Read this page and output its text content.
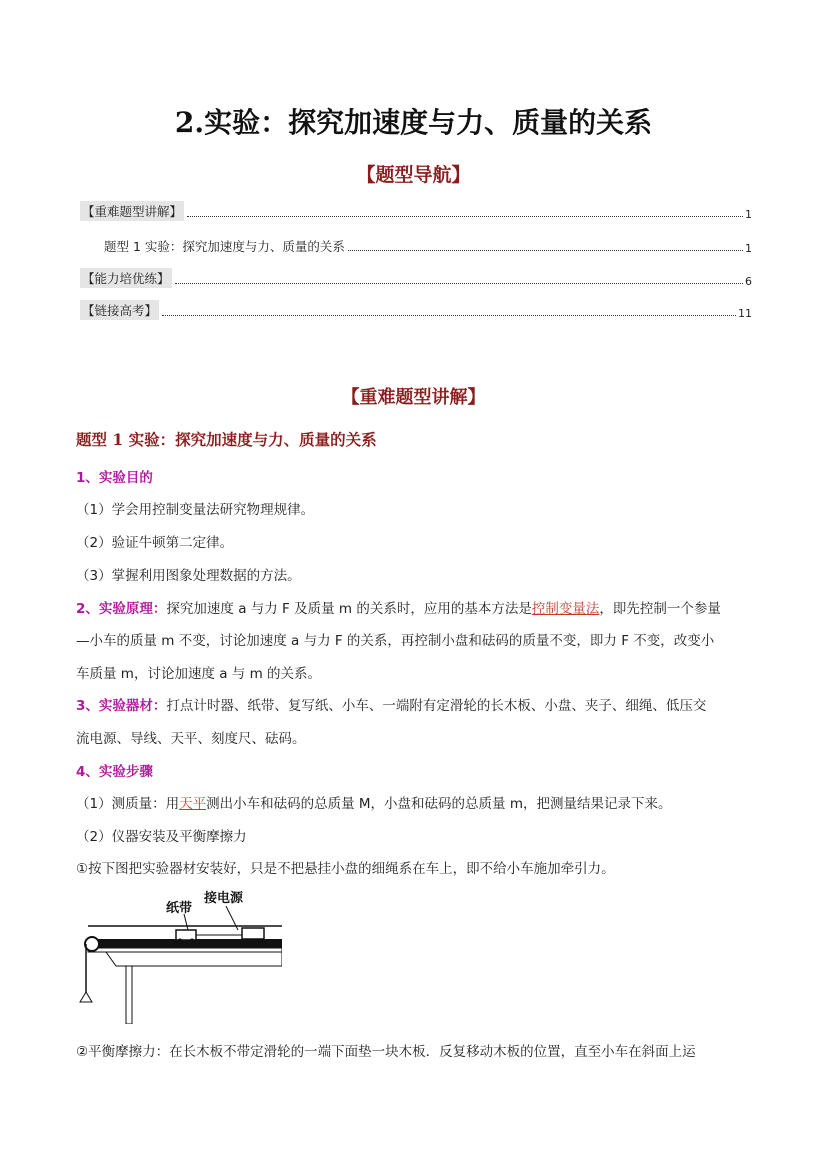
2.实验：探究加速度与力、质量的关系
【题型导航】
【重难题型讲解】	1
题型 1 实验：探究加速度与力、质量的关系	1
【能力培优练】	6
【链接高考】	11
【重难题型讲解】
题型 1 实验：探究加速度与力、质量的关系
1、实验目的
（1）学会用控制变量法研究物理规律。
（2）验证牛顿第二定律。
（3）掌握利用图象处理数据的方法。
2、实验原理：探究加速度 a 与力 F 及质量 m 的关系时，应用的基本方法是控制变量法，即先控制一个参量
—小车的质量 m 不变，讨论加速度 a 与力 F 的关系，再控制小盘和砝码的质量不变，即力 F 不变，改变小
车质量 m，讨论加速度 a 与 m 的关系。
3、实验器材：打点计时器、纸带、复写纸、小车、一端附有定滑轮的长木板、小盘、夹子、细绳、低压交
流电源、导线、天平、刻度尺、砝码。
4、实验步骤
（1）测质量：用天平测出小车和砝码的总质量 M，小盘和砝码的总质量 m，把测量结果记录下来。
（2）仪器安装及平衡摩擦力
①按下图把实验器材安装好，只是不把悬挂小盘的细绳系在车上，即不给小车施加牵引力。
纸带
接电源
②平衡摩擦力：在长木板不带定滑轮的一端下面垫一块木板．反复移动木板的位置，直至小车在斜面上运
